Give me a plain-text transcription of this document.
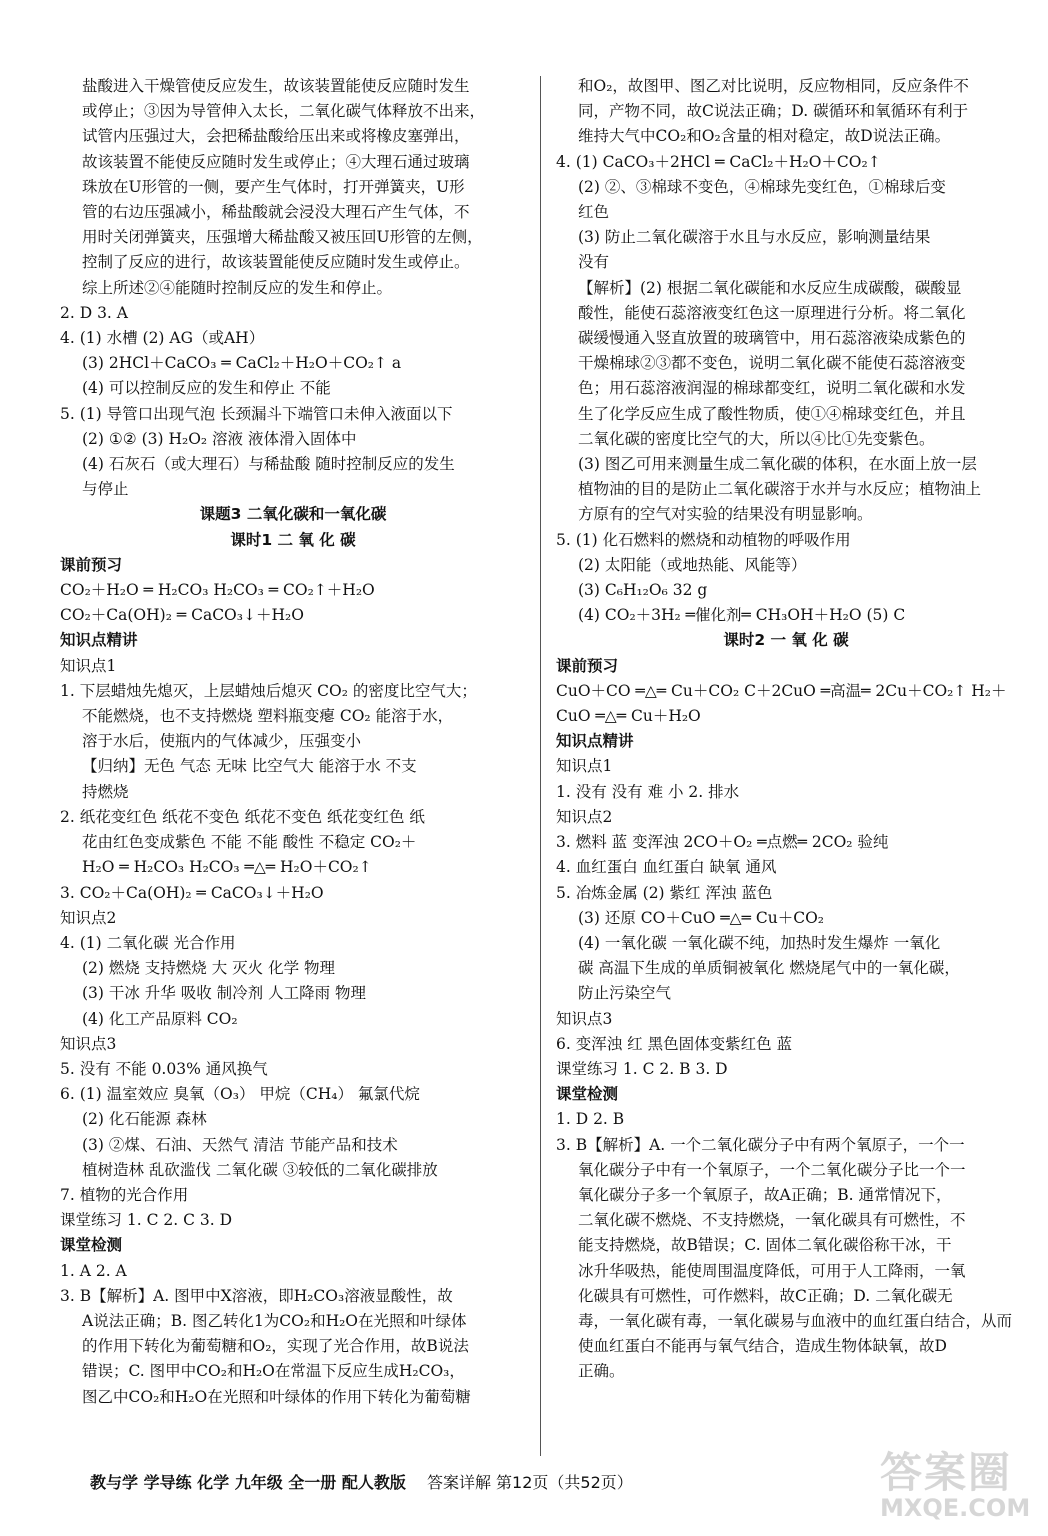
盐酸进入干燥管使反应发生，故该装置能使反应随时发生
或停止；③因为导管伸入太长，二氧化碳气体释放不出来，
试管内压强过大，会把稀盐酸给压出来或将橡皮塞弹出，
故该装置不能使反应随时发生或停止；④大理石通过玻璃
珠放在U形管的一侧，要产生气体时，打开弹簧夹，U形
管的右边压强减小，稀盐酸就会浸没大理石产生气体，不
用时关闭弹簧夹，压强增大稀盐酸又被压回U形管的左侧，
控制了反应的进行，故该装置能使反应随时发生或停止。
综上所述②④能随时控制反应的发生和停止。
2. D 3. A
4. (1) 水槽 (2) AG（或AH）
(3) 2HCl＋CaCO₃ ═ CaCl₂＋H₂O＋CO₂↑ a
(4) 可以控制反应的发生和停止 不能
5. (1) 导管口出现气泡 长颈漏斗下端管口未伸入液面以下
(2) ①② (3) H₂O₂ 溶液 液体滑入固体中
(4) 石灰石（或大理石）与稀盐酸 随时控制反应的发生
与停止
课题3 二氧化碳和一氧化碳
课时1 二 氧 化 碳
课前预习
CO₂＋H₂O ═ H₂CO₃ H₂CO₃ ═ CO₂↑＋H₂O
CO₂＋Ca(OH)₂ ═ CaCO₃↓＋H₂O
知识点精讲
知识点1
1. 下层蜡烛先熄灭，上层蜡烛后熄灭 CO₂ 的密度比空气大；
不能燃烧，也不支持燃烧 塑料瓶变瘪 CO₂ 能溶于水，
溶于水后，使瓶内的气体减少，压强变小
【归纳】无色 气态 无味 比空气大 能溶于水 不支
持燃烧
2. 纸花变红色 纸花不变色 纸花不变色 纸花变红色 纸
花由红色变成紫色 不能 不能 酸性 不稳定 CO₂＋
H₂O ═ H₂CO₃ H₂CO₃ ═△═ H₂O＋CO₂↑
3. CO₂＋Ca(OH)₂ ═ CaCO₃↓＋H₂O
知识点2
4. (1) 二氧化碳 光合作用
(2) 燃烧 支持燃烧 大 灭火 化学 物理
(3) 干冰 升华 吸收 制冷剂 人工降雨 物理
(4) 化工产品原料 CO₂
知识点3
5. 没有 不能 0.03% 通风换气
6. (1) 温室效应 臭氧（O₃） 甲烷（CH₄） 氟氯代烷
(2) 化石能源 森林
(3) ②煤、石油、天然气 清洁 节能产品和技术
植树造林 乱砍滥伐 二氧化碳 ③较低的二氧化碳排放
7. 植物的光合作用
课堂练习 1. C 2. C 3. D
课堂检测
1. A 2. A
3. B【解析】A. 图甲中X溶液，即H₂CO₃溶液显酸性，故
A说法正确；B. 图乙转化1为CO₂和H₂O在光照和叶绿体
的作用下转化为葡萄糖和O₂，实现了光合作用，故B说法
错误；C. 图甲中CO₂和H₂O在常温下反应生成H₂CO₃，
图乙中CO₂和H₂O在光照和叶绿体的作用下转化为葡萄糖
和O₂，故图甲、图乙对比说明，反应物相同，反应条件不
同，产物不同，故C说法正确；D. 碳循环和氧循环有利于
维持大气中CO₂和O₂含量的相对稳定，故D说法正确。
4. (1) CaCO₃＋2HCl ═ CaCl₂＋H₂O＋CO₂↑
(2) ②、③棉球不变色，④棉球先变红色，①棉球后变
红色
(3) 防止二氧化碳溶于水且与水反应，影响测量结果
没有
【解析】(2) 根据二氧化碳能和水反应生成碳酸，碳酸显
酸性，能使石蕊溶液变红色这一原理进行分析。将二氧化
碳缓慢通入竖直放置的玻璃管中，用石蕊溶液染成紫色的
干燥棉球②③都不变色，说明二氧化碳不能使石蕊溶液变
色；用石蕊溶液润湿的棉球都变红，说明二氧化碳和水发
生了化学反应生成了酸性物质，使①④棉球变红色，并且
二氧化碳的密度比空气的大，所以④比①先变紫色。
(3) 图乙可用来测量生成二氧化碳的体积，在水面上放一层
植物油的目的是防止二氧化碳溶于水并与水反应；植物油上
方原有的空气对实验的结果没有明显影响。
5. (1) 化石燃料的燃烧和动植物的呼吸作用
(2) 太阳能（或地热能、风能等）
(3) C₆H₁₂O₆ 32 g
(4) CO₂＋3H₂ ═催化剂═ CH₃OH＋H₂O (5) C
课时2 一 氧 化 碳
课前预习
CuO＋CO ═△═ Cu＋CO₂ C＋2CuO ═高温═ 2Cu＋CO₂↑ H₂＋
CuO ═△═ Cu＋H₂O
知识点精讲
知识点1
1. 没有 没有 难 小 2. 排水
知识点2
3. 燃料 蓝 变浑浊 2CO＋O₂ ═点燃═ 2CO₂ 验纯
4. 血红蛋白 血红蛋白 缺氧 通风
5. 冶炼金属 (2) 紫红 浑浊 蓝色
(3) 还原 CO＋CuO ═△═ Cu＋CO₂
(4) 一氧化碳 一氧化碳不纯，加热时发生爆炸 一氧化
碳 高温下生成的单质铜被氧化 燃烧尾气中的一氧化碳，
防止污染空气
知识点3
6. 变浑浊 红 黑色固体变紫红色 蓝
课堂练习 1. C 2. B 3. D
课堂检测
1. D 2. B
3. B【解析】A. 一个二氧化碳分子中有两个氧原子，一个一
氧化碳分子中有一个氧原子，一个二氧化碳分子比一个一
氧化碳分子多一个氧原子，故A正确；B. 通常情况下，
二氧化碳不燃烧、不支持燃烧，一氧化碳具有可燃性，不
能支持燃烧，故B错误；C. 固体二氧化碳俗称干冰，干
冰升华吸热，能使周围温度降低，可用于人工降雨，一氧
化碳具有可燃性，可作燃料，故C正确；D. 二氧化碳无
毒，一氧化碳有毒，一氧化碳易与血液中的血红蛋白结合，从而
使血红蛋白不能再与氧气结合，造成生物体缺氧，故D
正确。
教与学 学导练 化学 九年级 全一册 配人教版 答案详解 第12页（共52页）	答案圈
MXQE.COM
